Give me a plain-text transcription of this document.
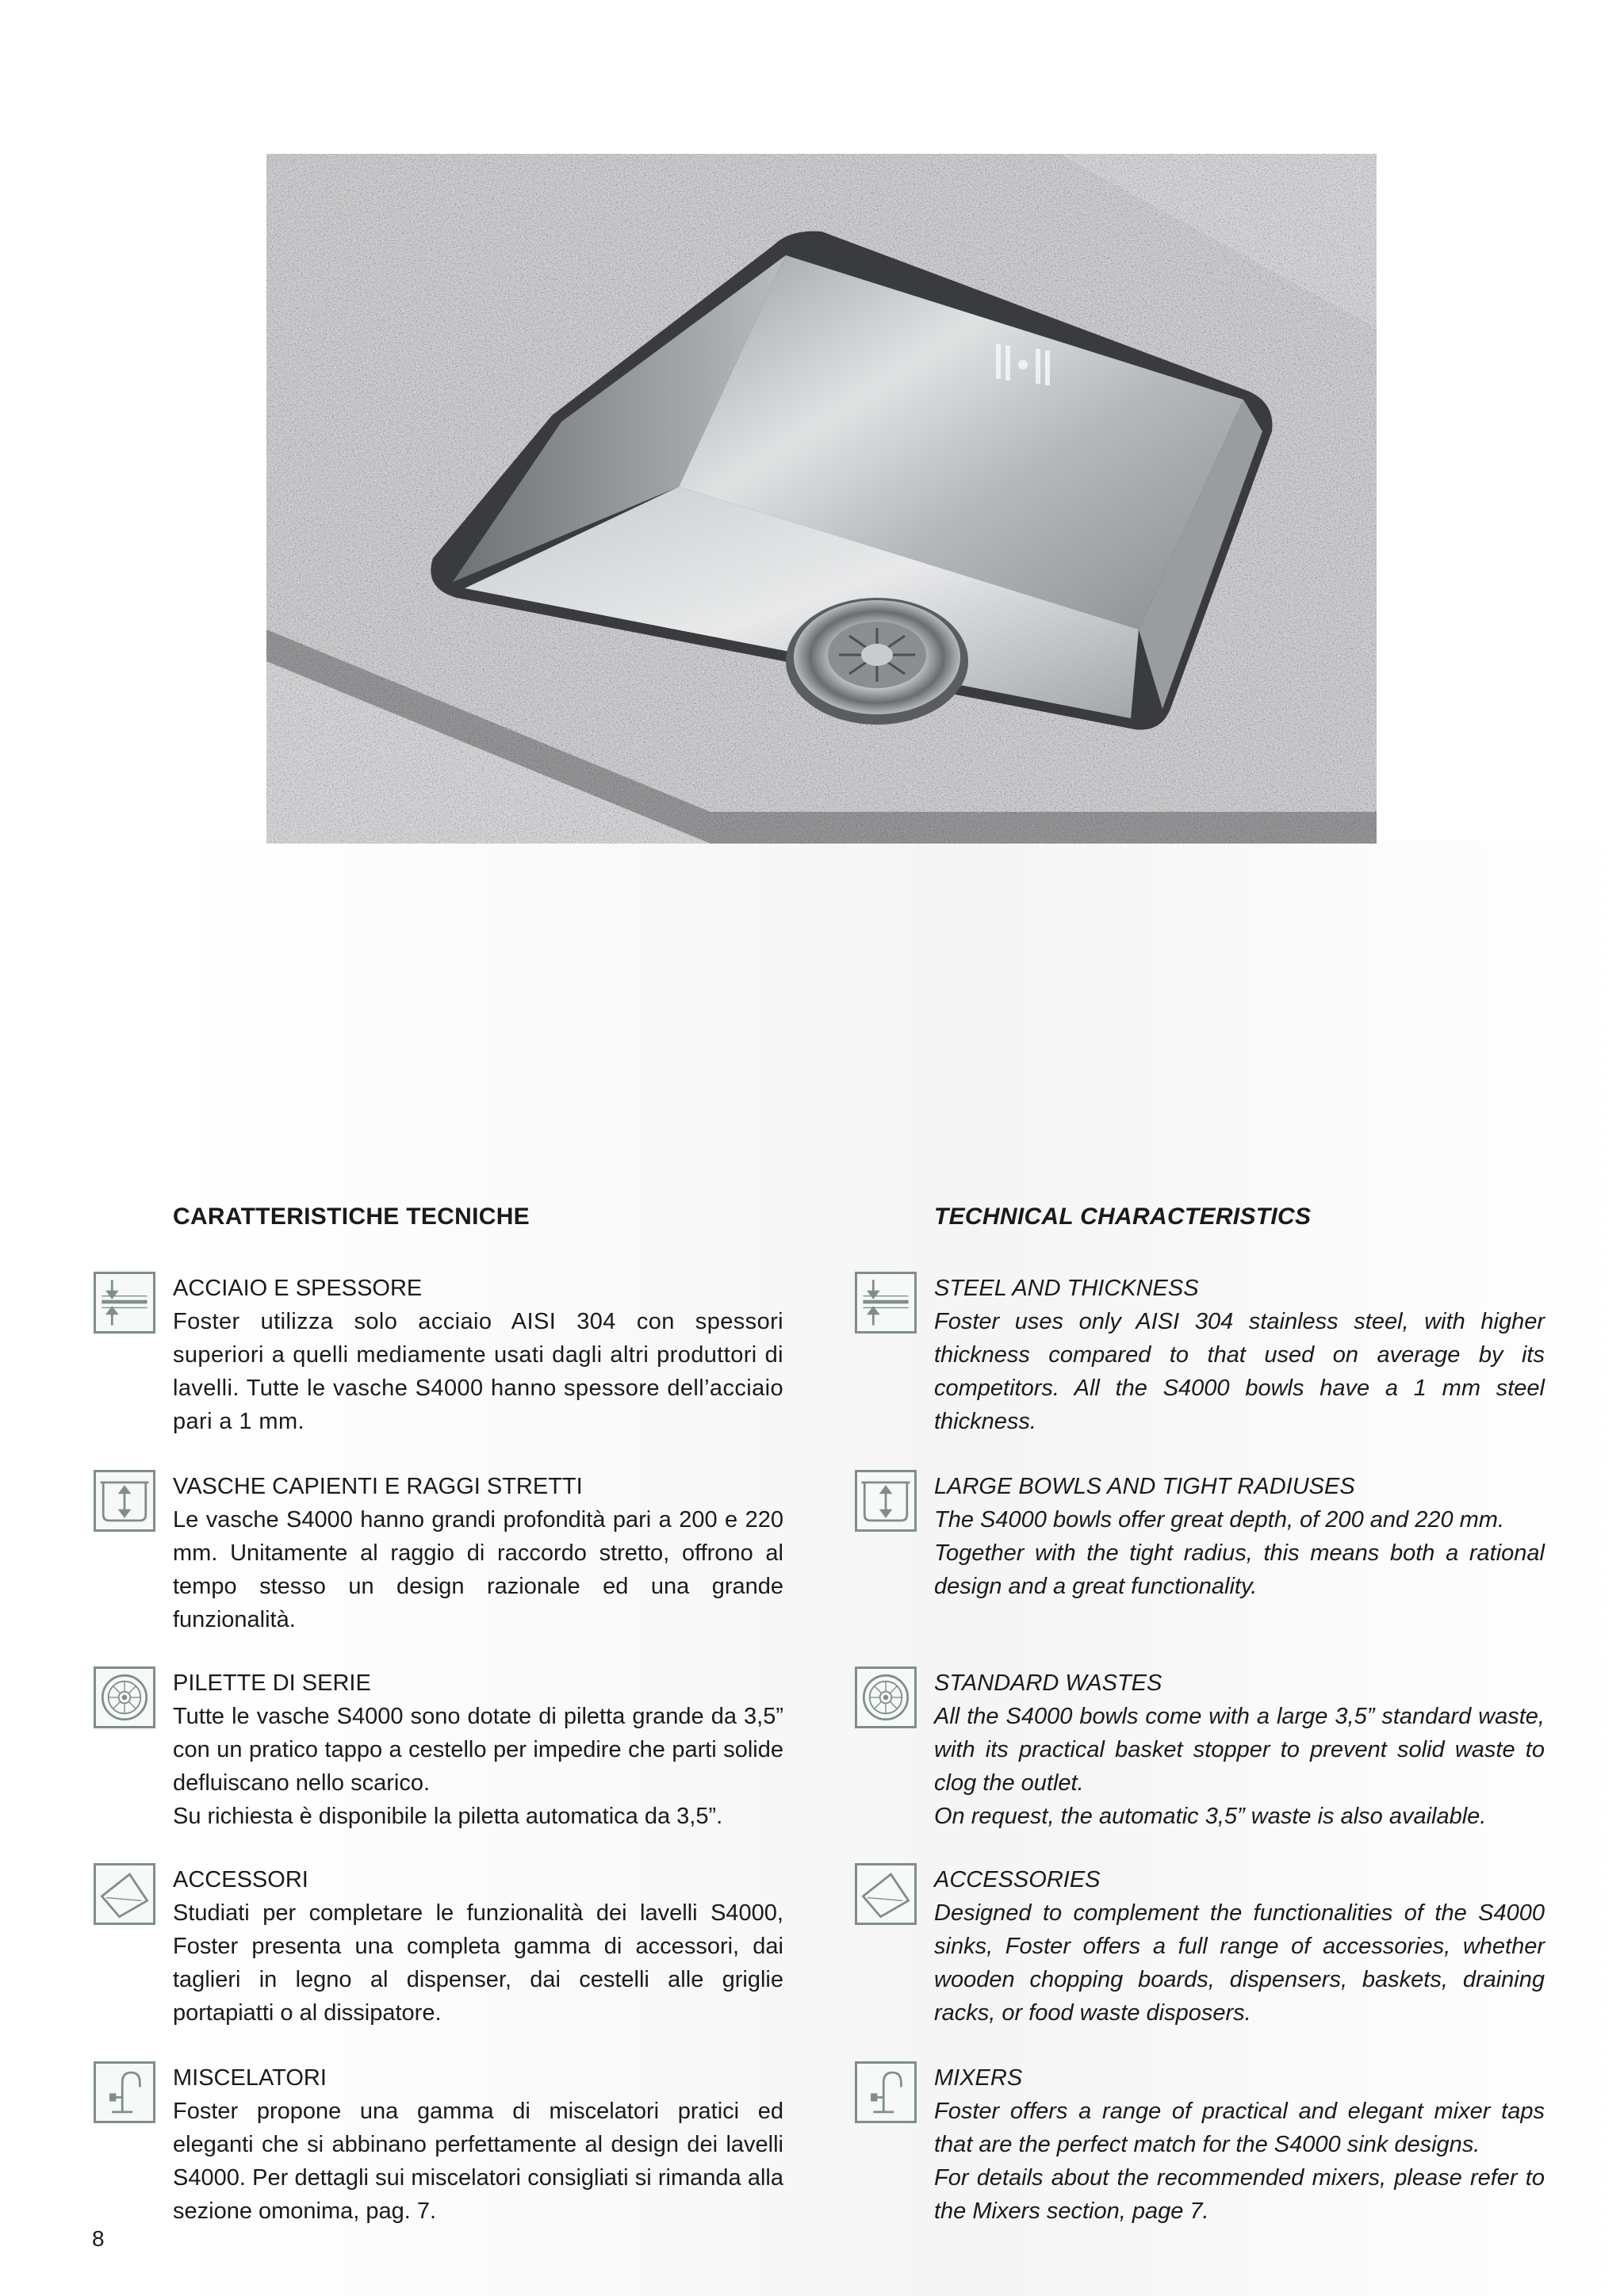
CARATTERISTICHE TECNICHE	TECHNICAL CHARACTERISTICS
ACCIAIO E SPESSORE

Foster utilizza solo acciaio AISI 304 con spessori superiori a quelli mediamente usati dagli altri produttori di lavelli. Tutte le vasche S4000 hanno spessore dell’acciaio pari a 1 mm.

STEEL AND THICKNESS

Foster uses only AISI 304 stainless steel, with higher thickness compared to that used on average by its competitors. All the S4000 bowls have a 1 mm steel thickness.

VASCHE CAPIENTI E RAGGI STRETTI

Le vasche S4000 hanno grandi profondità pari a 200 e 220 mm. Unitamente al raggio di raccordo stretto, offrono al tempo stesso un design razionale ed una grande funzionalità.

LARGE BOWLS AND TIGHT RADIUSES

The S4000 bowls offer great depth, of 200 and 220 mm.

Together with the tight radius, this means both a rational design and a great functionality.

PILETTE DI SERIE

Tutte le vasche S4000 sono dotate di piletta grande da 3,5” con un pratico tappo a cestello per impedire che parti solide defluiscano nello scarico.

Su richiesta è disponibile la piletta automatica da 3,5”.

STANDARD WASTES

All the S4000 bowls come with a large 3,5” standard waste, with its practical basket stopper to prevent solid waste to clog the outlet.

On request, the automatic 3,5” waste is also available.

ACCESSORI

Studiati per completare le funzionalità dei lavelli S4000, Foster presenta una completa gamma di accessori, dai taglieri in legno al dispenser, dai cestelli alle griglie portapiatti o al dissipatore.

ACCESSORIES

Designed to complement the functionalities of the S4000 sinks, Foster offers a full range of accessories, whether wooden chopping boards, dispensers, baskets, draining racks, or food waste disposers.

MISCELATORI

Foster propone una gamma di miscelatori pratici ed eleganti che si abbinano perfettamente al design dei lavelli S4000. Per dettagli sui miscelatori consigliati si rimanda alla sezione omonima, pag. 7.

MIXERS

Foster offers a range of practical and elegant mixer taps that are the perfect match for the S4000 sink designs.

For details about the recommended mixers, please refer to the Mixers section, page 7.

8
